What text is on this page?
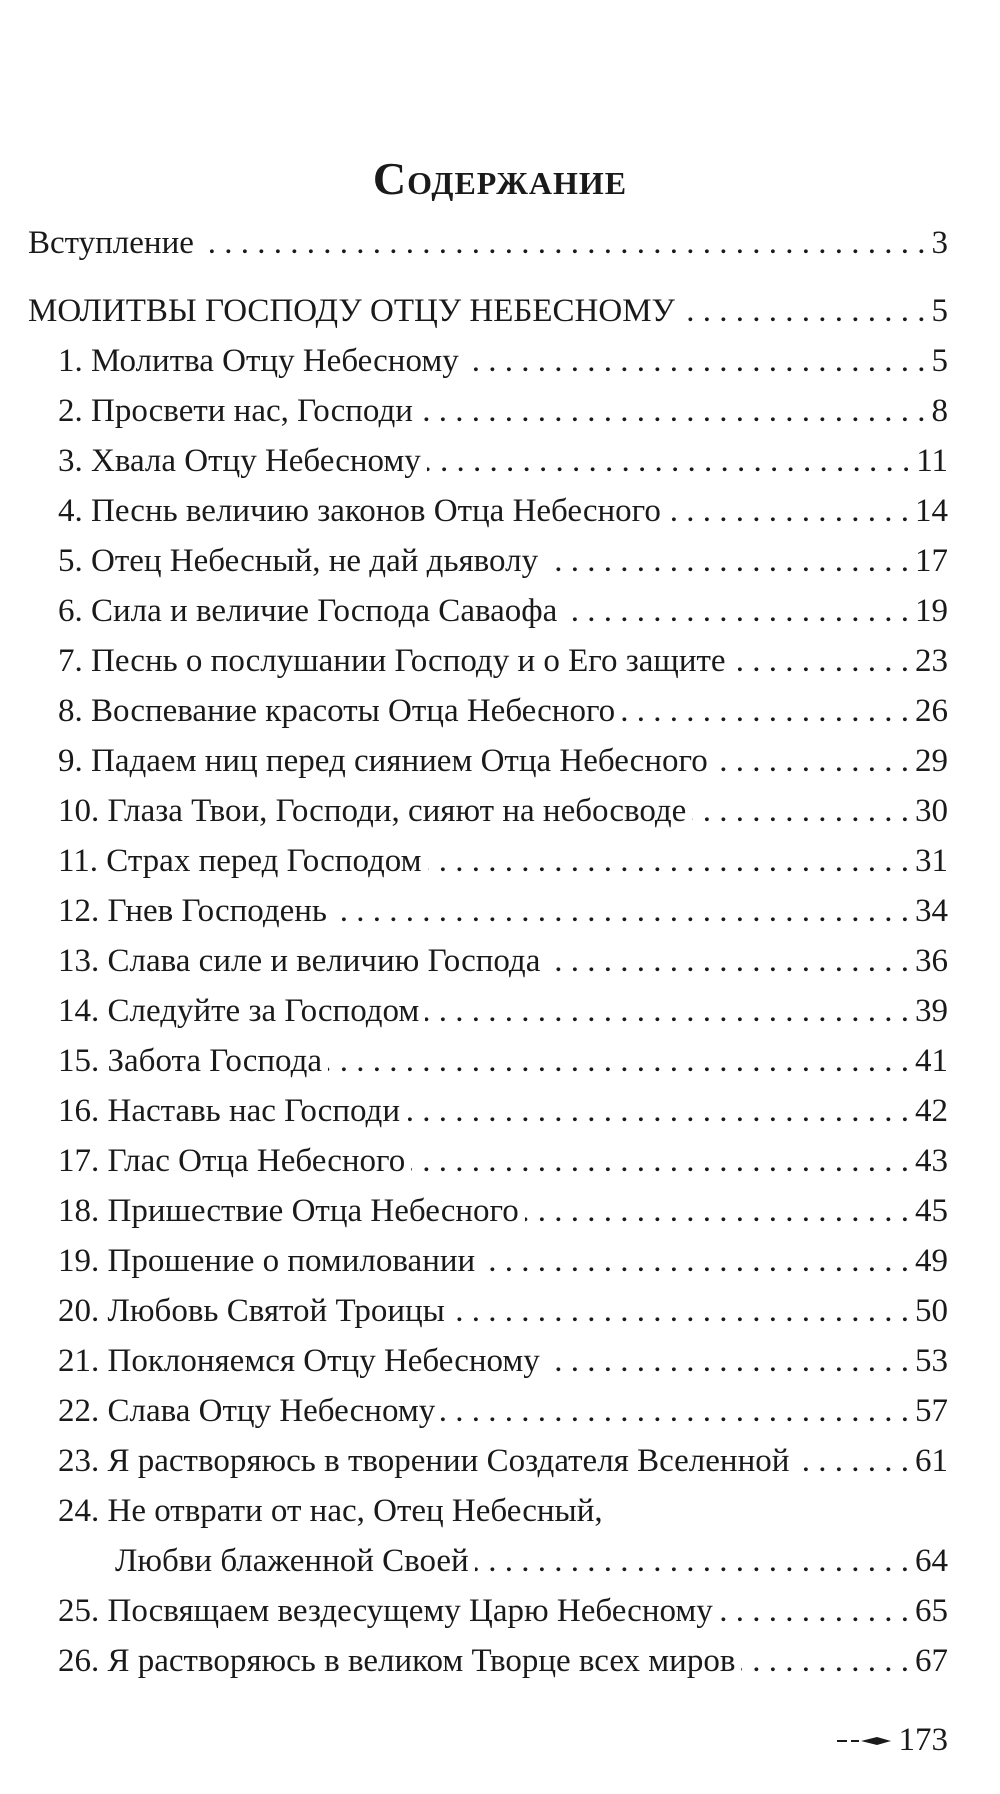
Содержание
Вступление . . .	3
МОЛИТВЫ ГОСПОДУ ОТЦУ НЕБЕСНОМУ . . .	5
1. Молитва Отцу Небесному . . .	5
2. Просвети нас, Господи . . .	8
3. Хвала Отцу Небесному . . .	11
4. Песнь величию законов Отца Небесного . . .	14
5. Отец Небесный, не дай дьяволу . . .	17
6. Сила и величие Господа Саваофа . . .	19
7. Песнь о послушании Господу и о Его защите . . .	23
8. Воспевание красоты Отца Небесного . . .	26
9. Падаем ниц перед сиянием Отца Небесного . . .	29
10. Глаза Твои, Господи, сияют на небосводе . . .	30
11. Страх перед Господом . . .	31
12. Гнев Господень . . .	34
13. Слава силе и величию Господа . . .	36
14. Следуйте за Господом . . .	39
15. Забота Господа . . .	41
16. Наставь нас Господи . . .	42
17. Глас Отца Небесного . . .	43
18. Пришествие Отца Небесного . . .	45
19. Прошение о помиловании . . .	49
20. Любовь Святой Троицы . . .	50
21. Поклоняемся Отцу Небесному . . .	53
22. Слава Отцу Небесному . . .	57
23. Я растворяюсь в творении Создателя Вселенной . . .	61
24. Не отврати от нас, Отец Небесный,
Любви блаженной Своей . . .	64
25. Посвящаем вездесущему Царю Небесному . . .	65
26. Я растворяюсь в великом Творце всех миров . . .	67
173
